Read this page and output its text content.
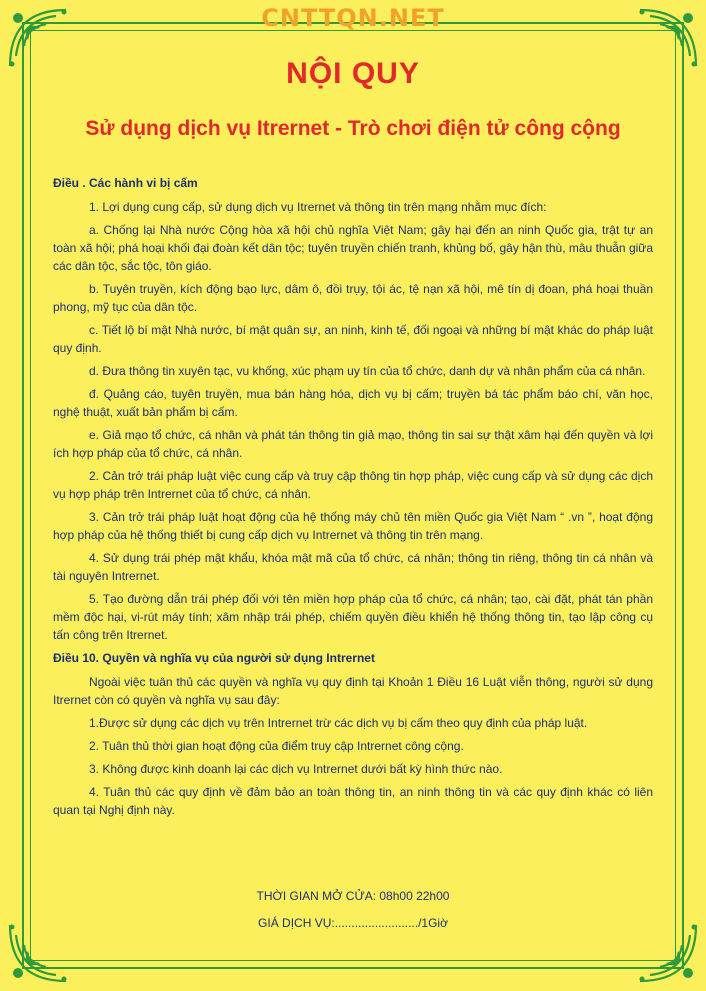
CNTTQN.NET
NỘI QUY
Sử dụng dịch vụ Itrernet - Trò chơi điện tử công cộng

Điều . Các hành vi bị cấm

1. Lợi dụng cung cấp, sử dụng dịch vụ Itrernet và thông tin trên mạng nhằm mục đích:

a. Chống lại Nhà nước Cộng hòa xã hội chủ nghĩa Việt Nam; gây hại đến an ninh Quốc gia, trật tự an toàn xã hội; phá hoại khối đại đoàn kết dân tộc; tuyên truyền chiến tranh, khủng bố, gây hận thù, mâu thuẫn giữa các dân tộc, sắc tộc, tôn giáo.

b. Tuyên truyền, kích động bạo lực, dâm ô, đồi trụy, tội ác, tệ nạn xã hội, mê tín dị đoan, phá hoại thuần phong, mỹ tục của dân tộc.

c. Tiết lộ bí mật Nhà nước, bí mật quân sự, an ninh, kinh tế, đối ngoại và những bí mật khác do pháp luật quy định.

d. Đưa thông tin xuyên tạc, vu khống, xúc phạm uy tín của tổ chức, danh dự và nhân phẩm của cá nhân.

đ. Quảng cáo, tuyên truyền, mua bán hàng hóa, dịch vụ bị cấm; truyền bá tác phẩm báo chí, văn học, nghệ thuật, xuất bản phẩm bị cấm.

e. Giả mạo tổ chức, cá nhân và phát tán thông tin giả mạo, thông tin sai sự thật xâm hại đến quyền và lợi ích hợp pháp của tổ chức, cá nhân.

2. Cản trở trái pháp luật việc cung cấp và truy cập thông tin hợp pháp, việc cung cấp và sử dụng các dịch vụ hợp pháp trên Intrernet của tổ chức, cá nhân.

3. Cản trở trái pháp luật hoạt động của hệ thống máy chủ tên miền Quốc gia Việt Nam “ .vn ”, hoạt động hợp pháp của hệ thống thiết bị cung cấp dịch vụ Intrernet và thông tin trên mạng.

4. Sử dụng trái phép mật khẩu, khóa mật mã của tổ chức, cá nhân; thông tin riêng, thông tin cá nhân và tài nguyên Intrernet.

5. Tạo đường dẫn trái phép đối với tên miền hợp pháp của tổ chức, cá nhân; tạo, cài đặt, phát tán phần mềm độc hại, vi-rút máy tính; xâm nhập trái phép, chiếm quyền điều khiển hệ thống thông tin, tạo lập công cụ tấn công trên Itrernet.

Điều 10. Quyền và nghĩa vụ của người sử dụng Intrernet

Ngoài việc tuân thủ các quyền và nghĩa vụ quy định tại Khoản 1 Điều 16 Luật viễn thông, người sử dụng Itrernet còn có quyền và nghĩa vụ sau đây:

1.Được sử dụng các dịch vụ trên Intrernet trừ các dịch vụ bị cấm theo quy định của pháp luật.

2. Tuân thủ thời gian hoạt động của điểm truy cập Intrernet công cộng.

3. Không được kinh doanh lại các dịch vụ Intrernet dưới bất kỳ hình thức nào.

4. Tuân thủ các quy định về đảm bảo an toàn thông tin, an ninh thông tin và các quy định khác có liên quan tại Nghị định này.

THỜI GIAN MỞ CỬA: 08h00 22h00
GIÁ DỊCH VỤ:........................./1Giờ
